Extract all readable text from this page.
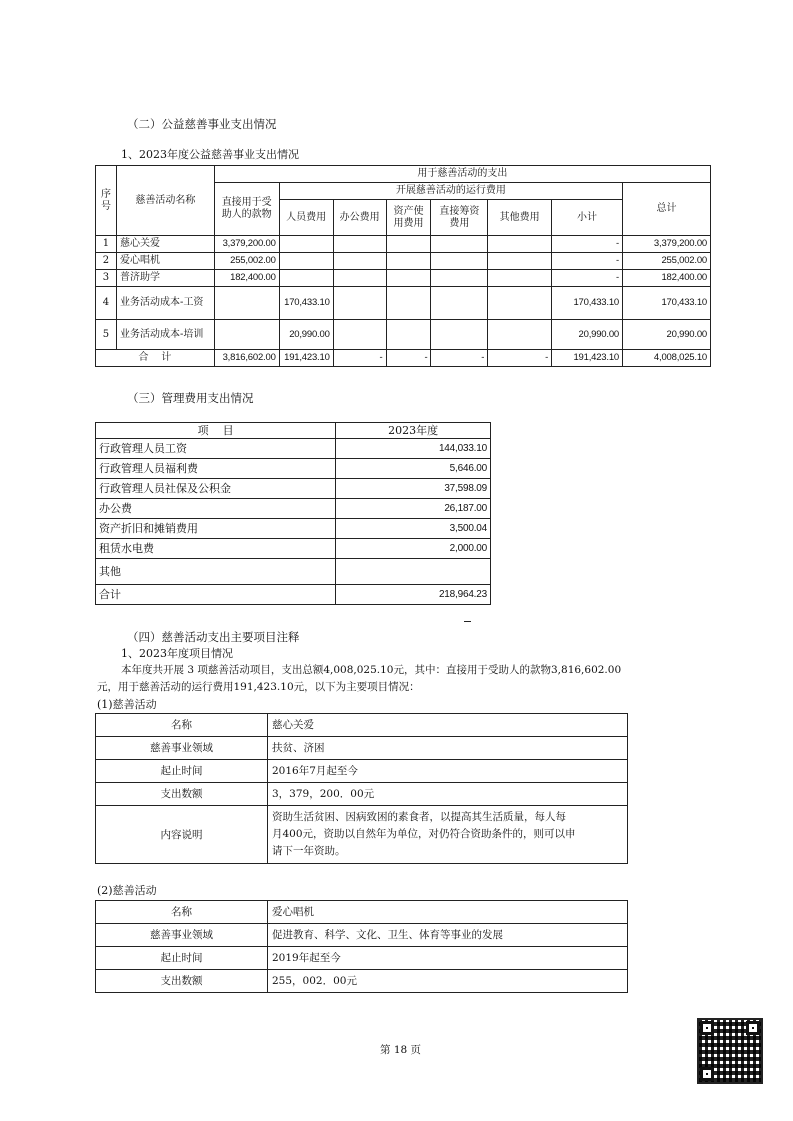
（二）公益慈善事业支出情况
1、2023年度公益慈善事业支出情况
序号	慈善活动名称	用于慈善活动的支出							
		直接用于受助人的款物	开展慈善活动的运行费用						总计
			人员费用	办公费用	资产使用费用	直接筹资费用	其他费用	小计	
1	慈心关爱	3,379,200.00						-	3,379,200.00
2	爱心唱机	255,002.00						-	255,002.00
3	普济助学	182,400.00						-	182,400.00
4	业务活动成本-工资		170,433.10					170,433.10	170,433.10
5	业务活动成本-培训		20,990.00					20,990.00	20,990.00
合    计		3,816,602.00	191,423.10	-	-	-	-	191,423.10	4,008,025.10
（三）管理费用支出情况
项    目	2023年度
行政管理人员工资	144,033.10
行政管理人员福利费	5,646.00
行政管理人员社保及公积金	37,598.09
办公费	26,187.00
资产折旧和摊销费用	3,500.04
租赁水电费	2,000.00
其他	
合计	218,964.23
（四）慈善活动支出主要项目注释
1、2023年度项目情况
本年度共开展 3 项慈善活动项目，支出总额4,008,025.10元，其中：直接用于受助人的款物3,816,602.00
元，用于慈善活动的运行费用191,423.10元，以下为主要项目情况：
(1)慈善活动
名称	慈心关爱
慈善事业领域	扶贫、济困
起止时间	2016年7月起至今
支出数额	3，379，200．00元
内容说明	资助生活贫困、因病致困的素食者，以提高其生活质量，每人每
月400元，资助以自然年为单位，对仍符合资助条件的，则可以申
请下一年资助。
(2)慈善活动
名称	爱心唱机
慈善事业领域	促进教育、科学、文化、卫生、体育等事业的发展
起止时间	2019年起至今
支出数额	255，002．00元
第 18 页
